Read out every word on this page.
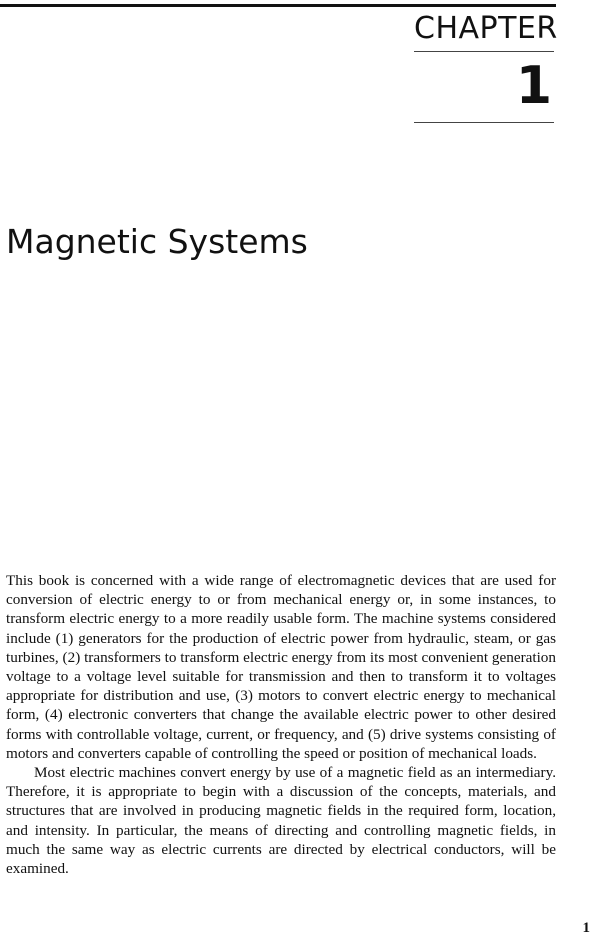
CHAPTER
1
Magnetic Systems

This book is concerned with a wide range of electromagnetic devices that are used for conversion of electric energy to or from mechanical energy or, in some instances, to transform electric energy to a more readily usable form. The machine systems considered include (1) generators for the production of electric power from hydraulic, steam, or gas turbines, (2) transformers to transform electric energy from its most convenient generation voltage to a voltage level suitable for transmission and then to transform it to voltages appropriate for distribution and use, (3) motors to convert electric energy to mechanical form, (4) electronic converters that change the available electric power to other desired forms with controllable voltage, current, or frequency, and (5) drive systems consisting of motors and converters capable of controlling the speed or position of mechanical loads.

Most electric machines convert energy by use of a magnetic field as an intermediary. Therefore, it is appropriate to begin with a discussion of the concepts, materials, and structures that are involved in producing magnetic fields in the required form, location, and intensity. In particular, the means of directing and controlling magnetic fields, in much the same way as electric currents are directed by electrical conductors, will be examined.

1
